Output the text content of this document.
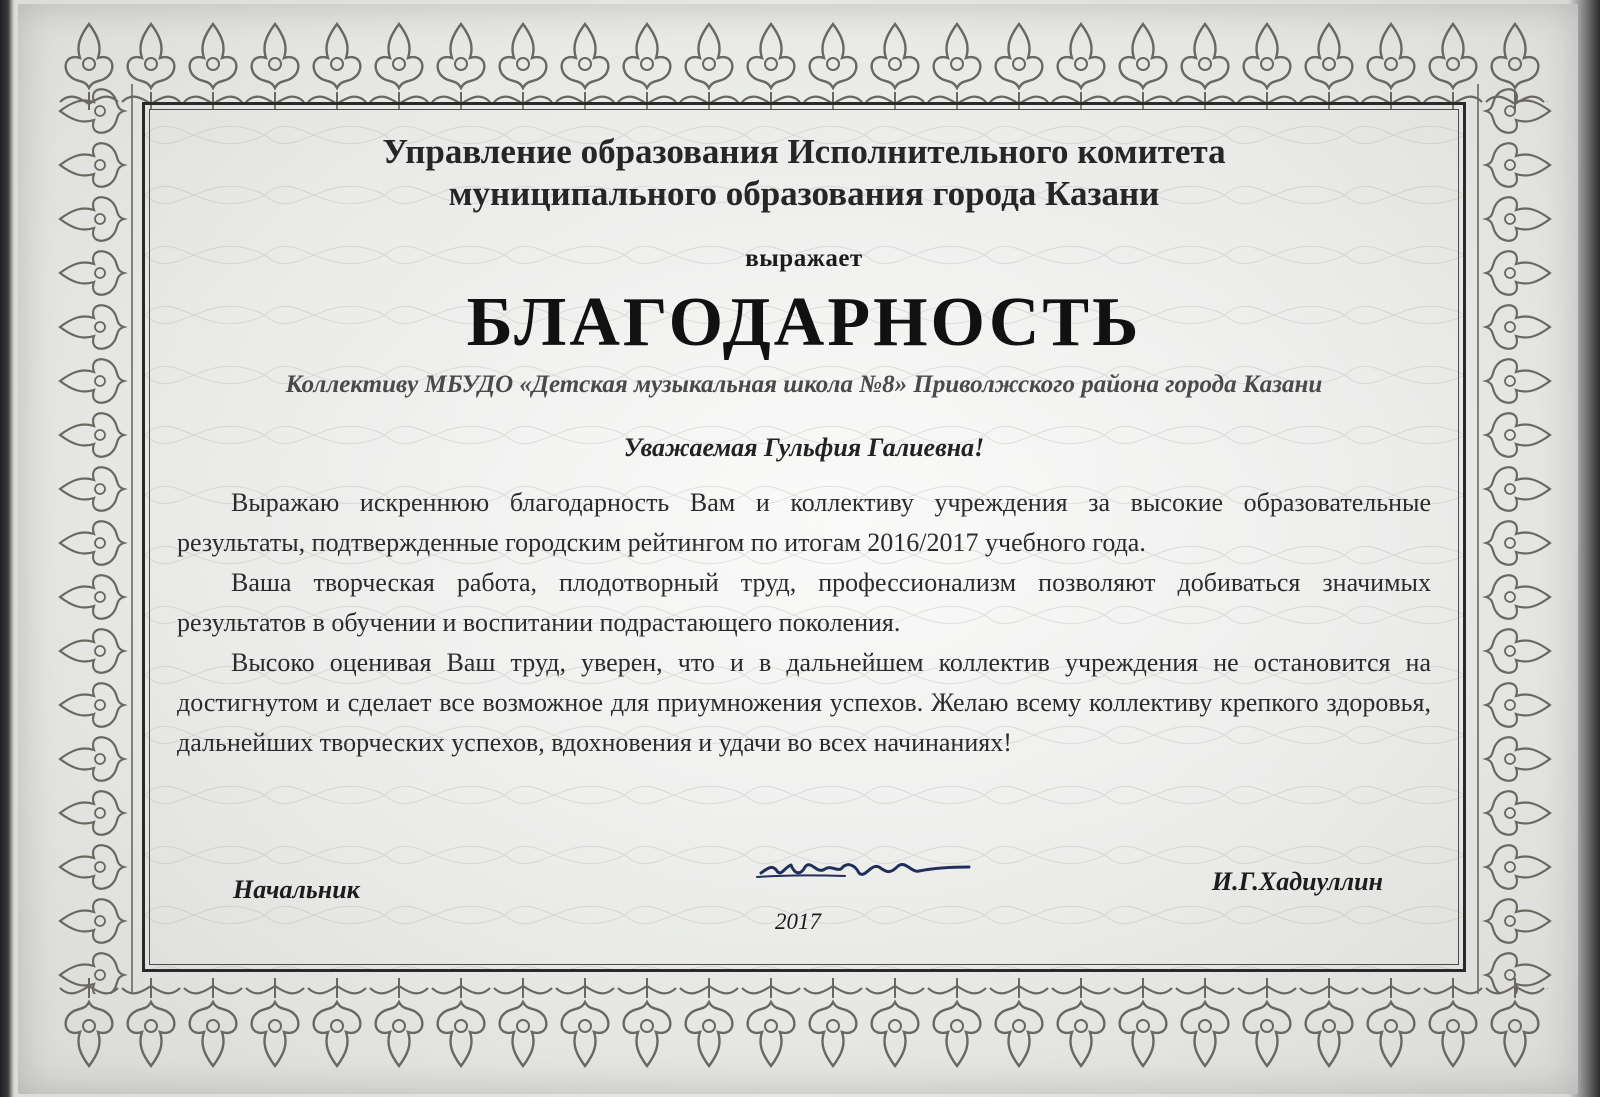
Управление образования Исполнительного комитета
муниципального образования города Казани
выражает
БЛАГОДАРНОСТЬ
Коллективу МБУДО «Детская музыкальная школа №8» Приволжского района города Казани
Уважаемая Гульфия Галиевна!

Выражаю искреннюю благодарность Вам и коллективу учреждения за высокие образовательные результаты, подтвержденные городским рейтингом по итогам 2016/2017 учебного года.

Ваша творческая работа, плодотворный труд, профессионализм позволяют добиваться значимых результатов в обучении и воспитании подрастающего поколения.

Высоко оценивая Ваш труд, уверен, что и в дальнейшем коллектив учреждения не остановится на достигнутом и сделает все возможное для приумножения успехов. Желаю всему коллективу крепкого здоровья, дальнейших творческих успехов, вдохновения и удачи во всех начинаниях!

Начальник	И.Г.Хадиуллин
2017
